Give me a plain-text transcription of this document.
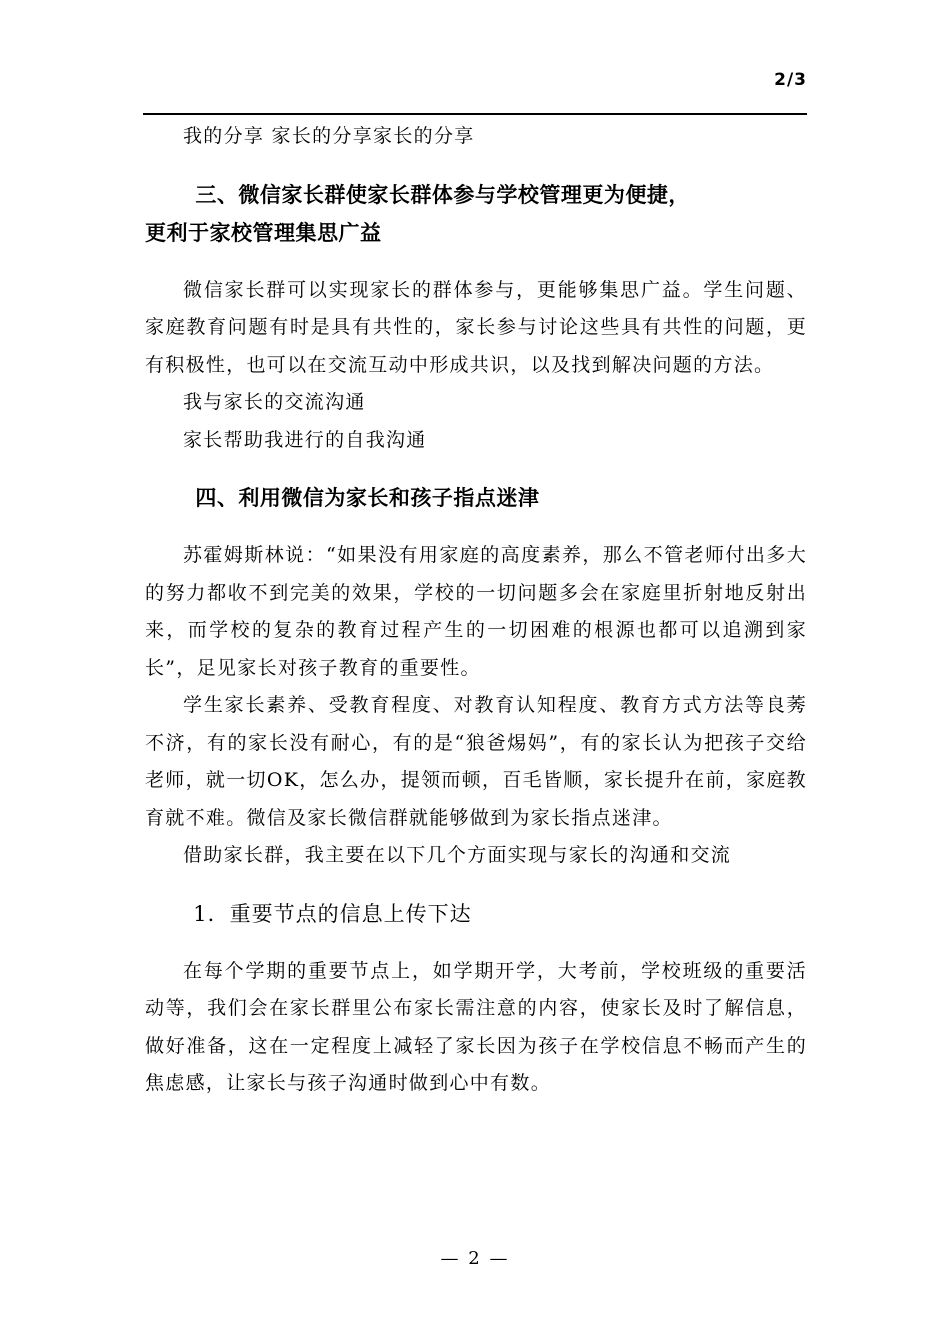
2/3

我的分享 家长的分享家长的分享

三、微信家长群使家长群体参与学校管理更为便捷，

更利于家校管理集思广益

微信家长群可以实现家长的群体参与，更能够集思广益。学生问题、家庭教育问题有时是具有共性的，家长参与讨论这些具有共性的问题，更有积极性，也可以在交流互动中形成共识，以及找到解决问题的方法。

我与家长的交流沟通

家长帮助我进行的自我沟通

四、利用微信为家长和孩子指点迷津

苏霍姆斯林说：“如果没有用家庭的高度素养，那么不管老师付出多大的努力都收不到完美的效果，学校的一切问题多会在家庭里折射地反射出来，而学校的复杂的教育过程产生的一切困难的根源也都可以追溯到家长”，足见家长对孩子教育的重要性。

学生家长素养、受教育程度、对教育认知程度、教育方式方法等良莠不济，有的家长没有耐心，有的是“狼爸焬妈”，有的家长认为把孩子交给老师，就一切OK，怎么办，提领而顿，百毛皆顺，家长提升在前，家庭教育就不难。微信及家长微信群就能够做到为家长指点迷津。

借助家长群，我主要在以下几个方面实现与家长的沟通和交流

1．重要节点的信息上传下达

在每个学期的重要节点上，如学期开学，大考前，学校班级的重要活动等，我们会在家长群里公布家长需注意的内容，使家长及时了解信息，做好准备，这在一定程度上减轻了家长因为孩子在学校信息不畅而产生的焦虑感，让家长与孩子沟通时做到心中有数。

— 2 —
